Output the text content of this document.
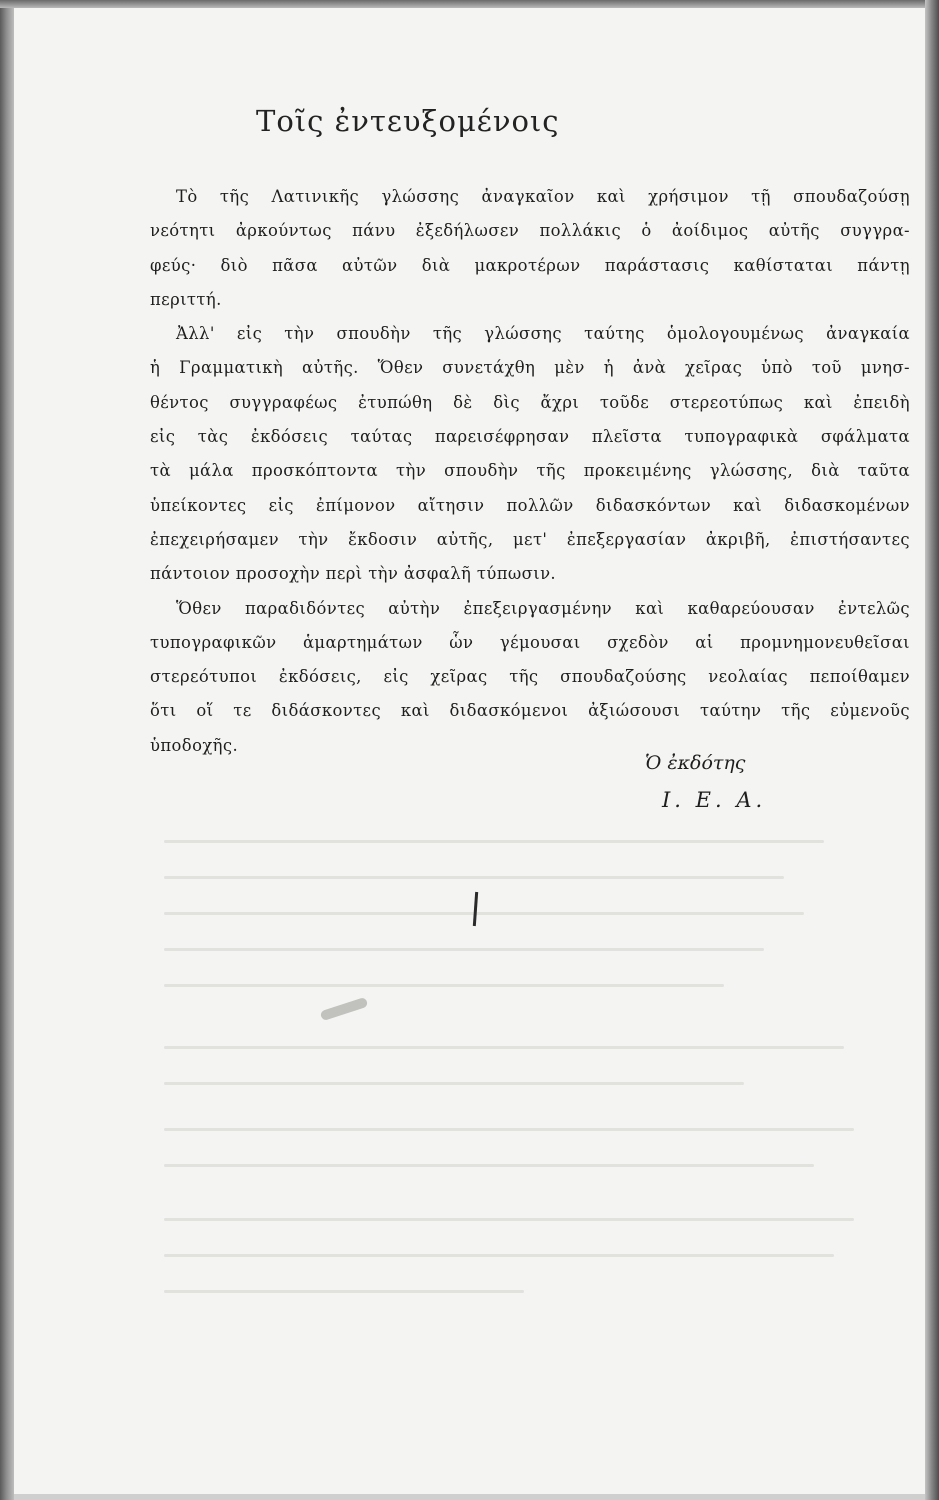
Τοῖς ἐντευξομένοις
Τὸ τῆς Λατινικῆς γλώσσης ἀναγκαῖον καὶ χρήσιμον τῇ σπουδαζούσῃ
νεότητι ἀρκούντως πάνυ ἐξεδήλωσεν πολλάκις ὁ ἀοίδιμος αὐτῆς συγγρα-
φεύς· διὸ πᾶσα αὐτῶν διὰ μακροτέρων παράστασις καθίσταται πάντῃ
περιττή.
Ἀλλ' εἰς τὴν σπουδὴν τῆς γλώσσης ταύτης ὁμολογουμένως ἀναγκαία
ἡ Γραμματικὴ αὐτῆς. Ὅθεν συνετάχθη μὲν ἡ ἀνὰ χεῖρας ὑπὸ τοῦ μνησ-
θέντος συγγραφέως ἐτυπώθη δὲ δὶς ἄχρι τοῦδε στερεοτύπως καὶ ἐπειδὴ
εἰς τὰς ἐκδόσεις ταύτας παρεισέφρησαν πλεῖστα τυπογραφικὰ σφάλματα
τὰ μάλα προσκόπτοντα τὴν σπουδὴν τῆς προκειμένης γλώσσης, διὰ ταῦτα
ὑπείκοντες εἰς ἐπίμονον αἴτησιν πολλῶν διδασκόντων καὶ διδασκομένων
ἐπεχειρήσαμεν τὴν ἔκδοσιν αὐτῆς, μετ' ἐπεξεργασίαν ἀκριβῆ, ἐπιστήσαντες
πάντοιον προσοχὴν περὶ τὴν ἀσφαλῆ τύπωσιν.
Ὅθεν παραδιδόντες αὐτὴν ἐπεξειργασμένην καὶ καθαρεύουσαν ἐντελῶς
τυπογραφικῶν ἁμαρτημάτων ὧν γέμουσαι σχεδὸν αἱ προμνημονευθεῖσαι
στερεότυποι ἐκδόσεις, εἰς χεῖρας τῆς σπουδαζούσης νεολαίας πεποίθαμεν
ὅτι οἵ τε διδάσκοντες καὶ διδασκόμενοι ἀξιώσουσι ταύτην τῆς εὐμενοῦς
ὑποδοχῆς.
Ὁ ἐκδότης
Ι. Ε. Α.
